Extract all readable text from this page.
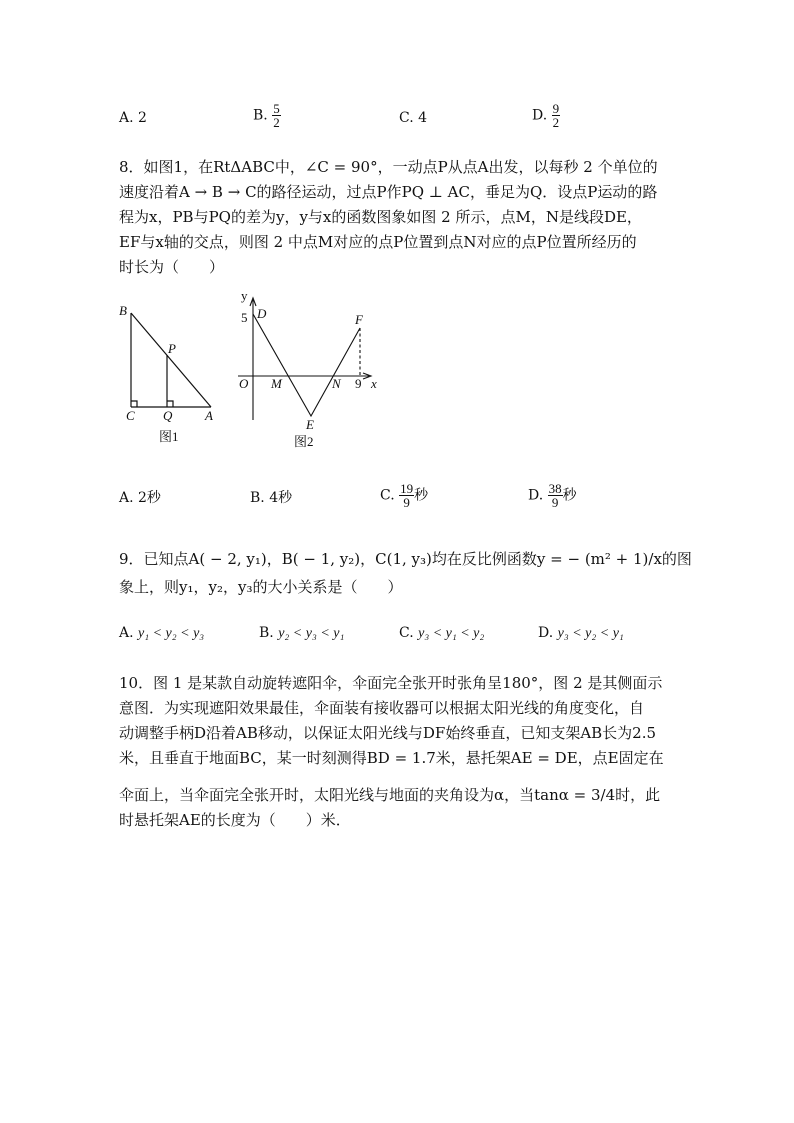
A. 2	B. $\frac{5}{2}$	C. 4	D. $\frac{9}{2}$
8．如图1，在RtΔABC中，∠C = 90°，一动点P从点A出发，以每秒 2 个单位的
速度沿着A → B → C的路径运动，过点P作PQ ⊥ AC，垂足为Q．设点P运动的路
程为x，PB与PQ的差为y，y与x的函数图象如图 2 所示，点M，N是线段DE，
EF与x轴的交点，则图 2 中点M对应的点P位置到点N对应的点P位置所经历的
时长为（　　）
B
P
C Q	A
图1
y
5 D	F
O M	N 9 x
E
图2
A. 2秒	B. 4秒	C. $\frac{19}{9}$ 秒	D. $\frac{38}{9}$ 秒
9．已知点A( − 2, y₁)，B( − 1, y₂)，C(1, y₃)均在反比例函数y = − (m² + 1)/x的图
象上，则y₁，y₂，y₃的大小关系是（　　）
A. y₁ < y₂ < y₃	B. y₂ < y₃ < y₁	C. y₃ < y₁ < y₂	D. y₃ < y₂ < y₁
10．图 1 是某款自动旋转遮阳伞，伞面完全张开时张角呈180°，图 2 是其侧面示
意图．为实现遮阳效果最佳，伞面装有接收器可以根据太阳光线的角度变化，自
动调整手柄D沿着AB移动，以保证太阳光线与DF始终垂直，已知支架AB长为2.5
米，且垂直于地面BC，某一时刻测得BD = 1.7米，悬托架AE = DE，点E固定在
伞面上，当伞面完全张开时，太阳光线与地面的夹角设为α，当tanα = 3/4时，此
时悬托架AE的长度为（　　）米．
